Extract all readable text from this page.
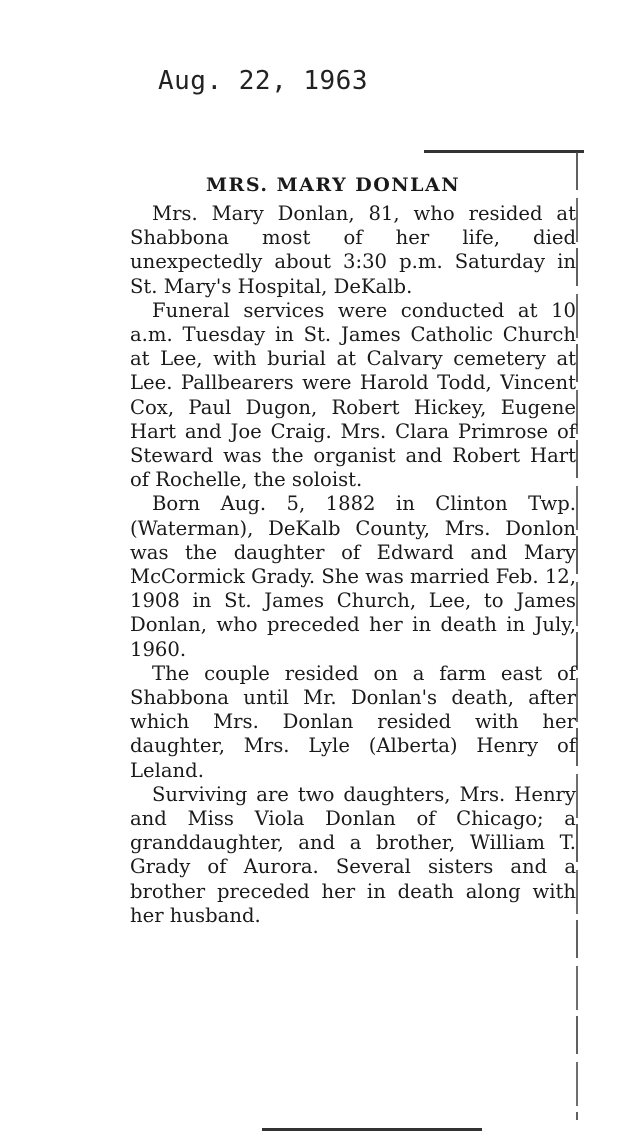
Aug. 22, 1963
MRS. MARY DONLAN

Mrs. Mary Donlan, 81, who resided at Shabbona most of her life, died unexpectedly about 3:30 p.m. Saturday in St. Mary's Hospital, DeKalb.

Funeral services were conducted at 10 a.m. Tuesday in St. James Catholic Church at Lee, with burial at Calvary cemetery at Lee. Pallbearers were Harold Todd, Vincent Cox, Paul Dugon, Robert Hickey, Eugene Hart and Joe Craig. Mrs. Clara Primrose of Steward was the organist and Robert Hart of Rochelle, the soloist.

Born Aug. 5, 1882 in Clinton Twp. (Waterman), DeKalb County, Mrs. Donlon was the daughter of Edward and Mary McCormick Grady. She was married Feb. 12, 1908 in St. James Church, Lee, to James Donlan, who preceded her in death in July, 1960.

The couple resided on a farm east of Shabbona until Mr. Donlan's death, after which Mrs. Donlan resided with her daughter, Mrs. Lyle (Alberta) Henry of Leland.

Surviving are two daughters, Mrs. Henry and Miss Viola Donlan of Chicago; a granddaughter, and a brother, William T. Grady of Aurora. Several sisters and a brother preceded her in death along with her husband.
